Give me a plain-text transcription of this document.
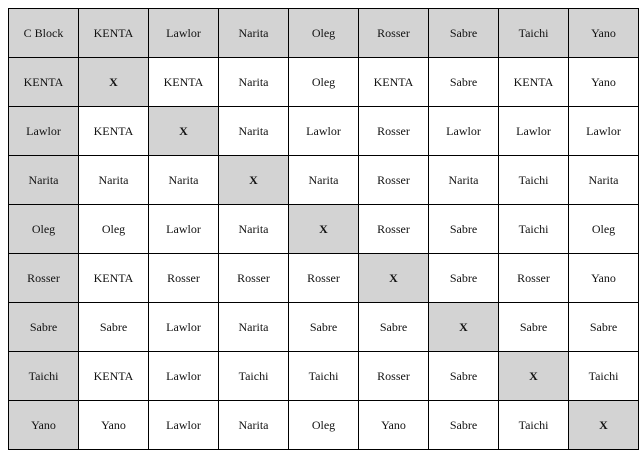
C Block	KENTA	Lawlor	Narita	Oleg	Rosser	Sabre	Taichi	Yano
KENTA	X	KENTA	Narita	Oleg	KENTA	Sabre	KENTA	Yano
Lawlor	KENTA	X	Narita	Lawlor	Rosser	Lawlor	Lawlor	Lawlor
Narita	Narita	Narita	X	Narita	Rosser	Narita	Taichi	Narita
Oleg	Oleg	Lawlor	Narita	X	Rosser	Sabre	Taichi	Oleg
Rosser	KENTA	Rosser	Rosser	Rosser	X	Sabre	Rosser	Yano
Sabre	Sabre	Lawlor	Narita	Sabre	Sabre	X	Sabre	Sabre
Taichi	KENTA	Lawlor	Taichi	Taichi	Rosser	Sabre	X	Taichi
Yano	Yano	Lawlor	Narita	Oleg	Yano	Sabre	Taichi	X
